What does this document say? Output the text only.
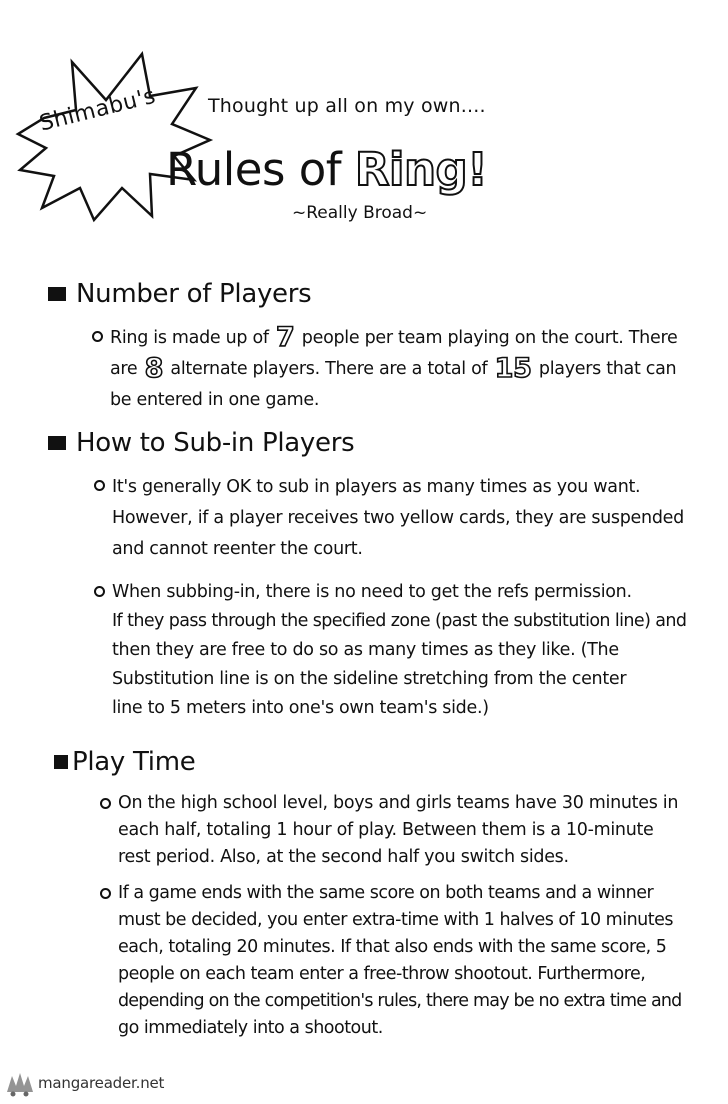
Shimabu's	Thought up all on my own....
Rules of Ring!
~Really Broad~
Number of Players
Ring is made up of 7 people per team playing on the court. There
are 8 alternate players. There are a total of 15 players that can
be entered in one game.
How to Sub-in Players
It's generally OK to sub in players as many times as you want.
However, if a player receives two yellow cards, they are suspended
and cannot reenter the court.
When subbing-in, there is no need to get the refs permission.
If they pass through the specified zone (past the substitution line) and
then they are free to do so as many times as they like. (The
Substitution line is on the sideline stretching from the center
line to 5 meters into one's own team's side.)
Play Time
On the high school level, boys and girls teams have 30 minutes in
each half, totaling 1 hour of play. Between them is a 10-minute
rest period. Also, at the second half you switch sides.
If a game ends with the same score on both teams and a winner
must be decided, you enter extra-time with 1 halves of 10 minutes
each, totaling 20 minutes. If that also ends with the same score, 5
people on each team enter a free-throw shootout. Furthermore,
depending on the competition's rules, there may be no extra time and
go immediately into a shootout.
mangareader.net
